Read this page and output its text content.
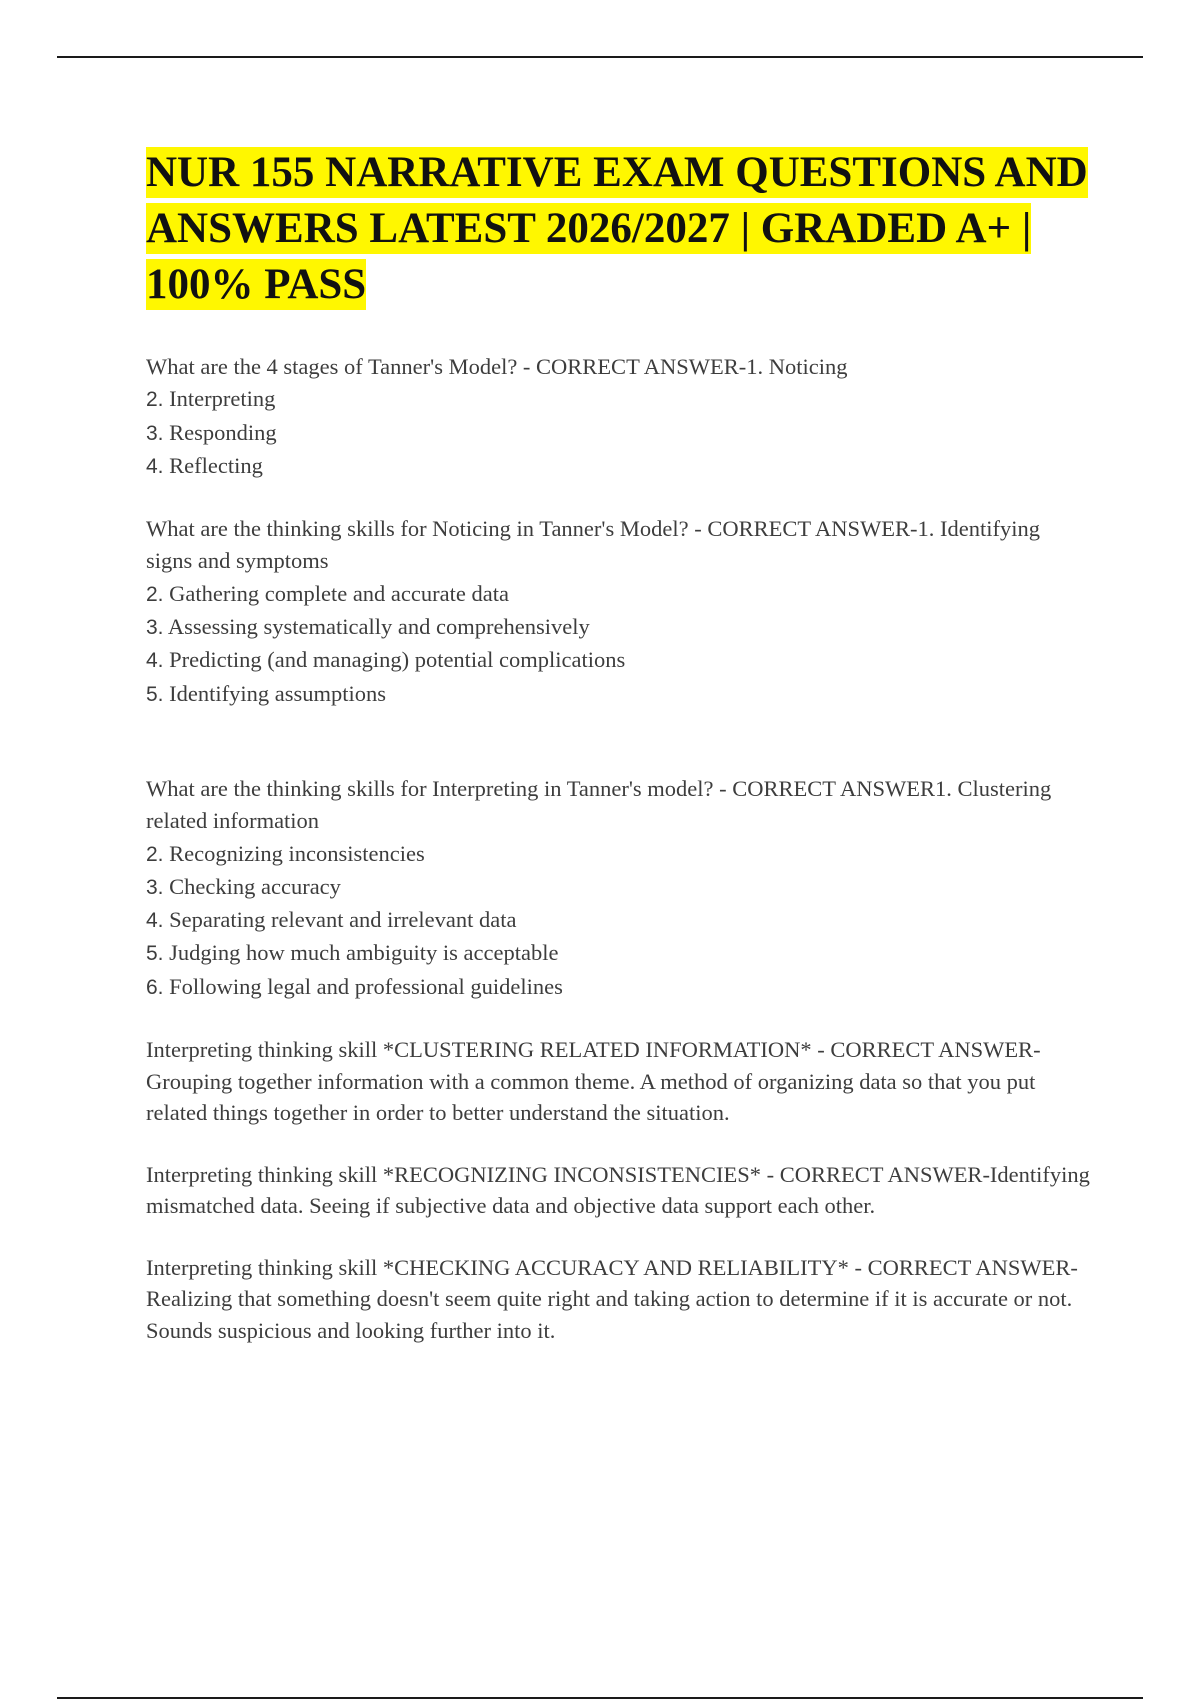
NUR 155 NARRATIVE EXAM QUESTIONS AND ANSWERS LATEST 2026/2027 | GRADED A+ | 100% PASS

What are the 4 stages of Tanner's Model? - CORRECT ANSWER-1. Noticing

2. Interpreting

3. Responding

4. Reflecting

What are the thinking skills for Noticing in Tanner's Model? - CORRECT ANSWER-1. Identifying signs and symptoms

2. Gathering complete and accurate data

3. Assessing systematically and comprehensively

4. Predicting (and managing) potential complications

5. Identifying assumptions

What are the thinking skills for Interpreting in Tanner's model? - CORRECT ANSWER1. Clustering related information

2. Recognizing inconsistencies

3. Checking accuracy

4. Separating relevant and irrelevant data

5. Judging how much ambiguity is acceptable

6. Following legal and professional guidelines

Interpreting thinking skill *CLUSTERING RELATED INFORMATION* - CORRECT ANSWER-Grouping together information with a common theme. A method of organizing data so that you put related things together in order to better understand the situation.

Interpreting thinking skill *RECOGNIZING INCONSISTENCIES* - CORRECT ANSWER-Identifying mismatched data. Seeing if subjective data and objective data support each other.

Interpreting thinking skill *CHECKING ACCURACY AND RELIABILITY* - CORRECT ANSWER-Realizing that something doesn't seem quite right and taking action to determine if it is accurate or not. Sounds suspicious and looking further into it.
